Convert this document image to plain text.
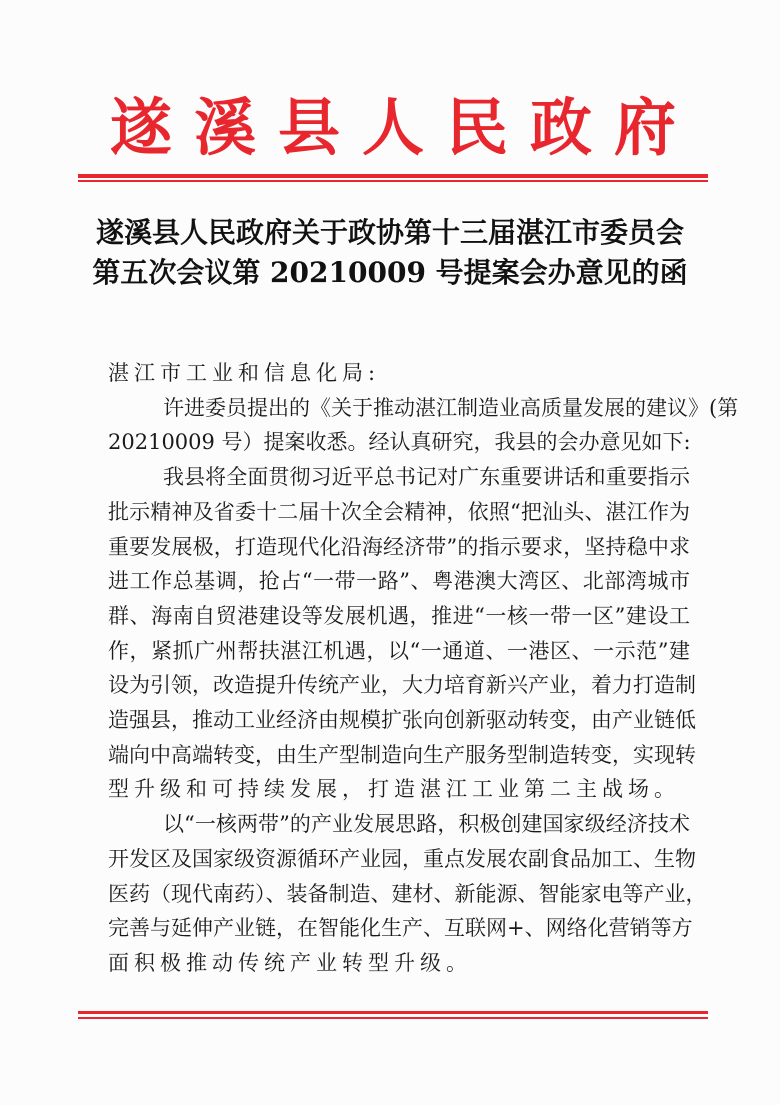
遂溪县人民政府
遂溪县人民政府关于政协第十三届湛江市委员会
第五次会议第 20210009 号提案会办意见的函
湛江市工业和信息化局:
许进委员提出的《关于推动湛江制造业高质量发展的建议》(第
20210009 号）提案收悉。经认真研究，我县的会办意见如下:
我县将全面贯彻习近平总书记对广东重要讲话和重要指示
批示精神及省委十二届十次全会精神，依照“把汕头、湛江作为
重要发展极，打造现代化沿海经济带”的指示要求，坚持稳中求
进工作总基调，抢占“一带一路”、粤港澳大湾区、北部湾城市
群、海南自贸港建设等发展机遇，推进“一核一带一区”建设工
作，紧抓广州帮扶湛江机遇，以“一通道、一港区、一示范”建
设为引领，改造提升传统产业，大力培育新兴产业，着力打造制
造强县，推动工业经济由规模扩张向创新驱动转变，由产业链低
端向中高端转变，由生产型制造向生产服务型制造转变，实现转
型升级和可持续发展，打造湛江工业第二主战场。
以“一核两带”的产业发展思路，积极创建国家级经济技术
开发区及国家级资源循环产业园，重点发展农副食品加工、生物
医药（现代南药）、装备制造、建材、新能源、智能家电等产业，
完善与延伸产业链，在智能化生产、互联网+、网络化营销等方
面积极推动传统产业转型升级。
